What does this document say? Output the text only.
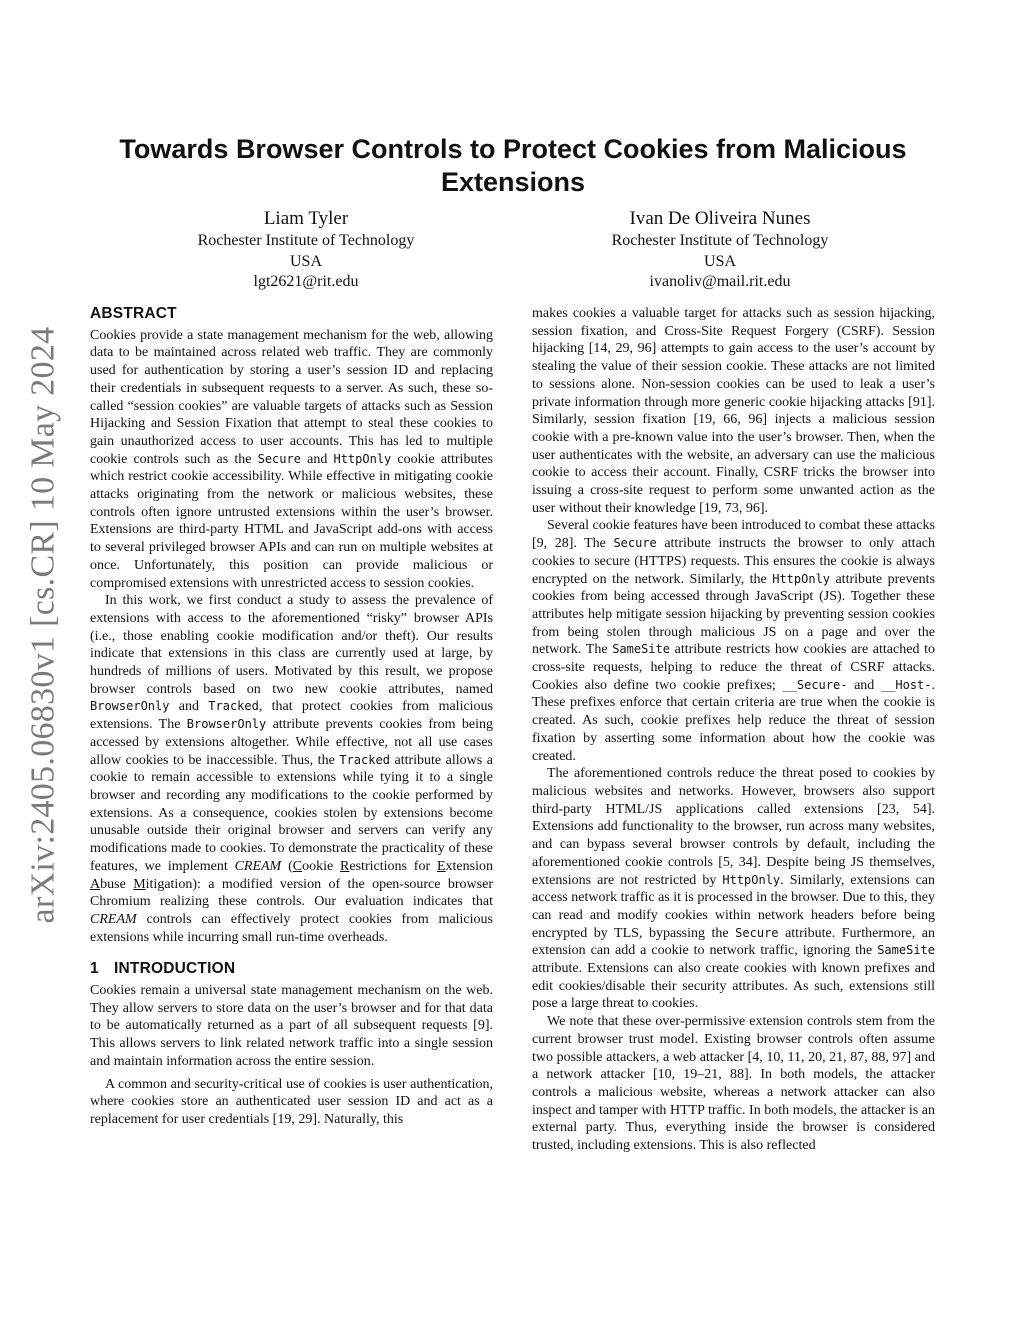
arXiv:2405.06830v1 [cs.CR] 10 May 2024
Towards Browser Controls to Protect Cookies from Malicious Extensions
Liam Tyler
Rochester Institute of Technology
USA
lgt2621@rit.edu
Ivan De Oliveira Nunes
Rochester Institute of Technology
USA
ivanoliv@mail.rit.edu
ABSTRACT

Cookies provide a state management mechanism for the web, allowing data to be maintained across related web traffic. They are commonly used for authentication by storing a user’s session ID and replacing their credentials in subsequent requests to a server. As such, these so-called “session cookies” are valuable targets of attacks such as Session Hijacking and Session Fixation that attempt to steal these cookies to gain unauthorized access to user accounts. This has led to multiple cookie controls such as the Secure and HttpOnly cookie attributes which restrict cookie accessibility. While effective in mitigating cookie attacks originating from the network or malicious websites, these controls often ignore untrusted extensions within the user’s browser. Extensions are third-party HTML and JavaScript add-ons with access to several privileged browser APIs and can run on multiple websites at once. Unfortunately, this position can provide malicious or compromised extensions with unrestricted access to session cookies.

In this work, we first conduct a study to assess the prevalence of extensions with access to the aforementioned “risky” browser APIs (i.e., those enabling cookie modification and/or theft). Our results indicate that extensions in this class are currently used at large, by hundreds of millions of users. Motivated by this result, we propose browser controls based on two new cookie attributes, named BrowserOnly and Tracked, that protect cookies from malicious extensions. The BrowserOnly attribute prevents cookies from being accessed by extensions altogether. While effective, not all use cases allow cookies to be inaccessible. Thus, the Tracked attribute allows a cookie to remain accessible to extensions while tying it to a single browser and recording any modifications to the cookie performed by extensions. As a consequence, cookies stolen by extensions become unusable outside their original browser and servers can verify any modifications made to cookies. To demonstrate the practicality of these features, we implement CREAM (Cookie Restrictions for Extension Abuse Mitigation): a modified version of the open-source browser Chromium realizing these controls. Our evaluation indicates that CREAM controls can effectively protect cookies from malicious extensions while incurring small run-time overheads.

1 INTRODUCTION

Cookies remain a universal state management mechanism on the web. They allow servers to store data on the user’s browser and for that data to be automatically returned as a part of all subsequent requests [9]. This allows servers to link related network traffic into a single session and maintain information across the entire session.

A common and security-critical use of cookies is user authentication, where cookies store an authenticated user session ID and act as a replacement for user credentials [19, 29]. Naturally, this

makes cookies a valuable target for attacks such as session hijacking, session fixation, and Cross-Site Request Forgery (CSRF). Session hijacking [14, 29, 96] attempts to gain access to the user’s account by stealing the value of their session cookie. These attacks are not limited to sessions alone. Non-session cookies can be used to leak a user’s private information through more generic cookie hijacking attacks [91]. Similarly, session fixation [19, 66, 96] injects a malicious session cookie with a pre-known value into the user’s browser. Then, when the user authenticates with the website, an adversary can use the malicious cookie to access their account. Finally, CSRF tricks the browser into issuing a cross-site request to perform some unwanted action as the user without their knowledge [19, 73, 96].

Several cookie features have been introduced to combat these attacks [9, 28]. The Secure attribute instructs the browser to only attach cookies to secure (HTTPS) requests. This ensures the cookie is always encrypted on the network. Similarly, the HttpOnly attribute prevents cookies from being accessed through JavaScript (JS). Together these attributes help mitigate session hijacking by preventing session cookies from being stolen through malicious JS on a page and over the network. The SameSite attribute restricts how cookies are attached to cross-site requests, helping to reduce the threat of CSRF attacks. Cookies also define two cookie prefixes; __Secure- and __Host-. These prefixes enforce that certain criteria are true when the cookie is created. As such, cookie prefixes help reduce the threat of session fixation by asserting some information about how the cookie was created.

The aforementioned controls reduce the threat posed to cookies by malicious websites and networks. However, browsers also support third-party HTML/JS applications called extensions [23, 54]. Extensions add functionality to the browser, run across many websites, and can bypass several browser controls by default, including the aforementioned cookie controls [5, 34]. Despite being JS themselves, extensions are not restricted by HttpOnly. Similarly, extensions can access network traffic as it is processed in the browser. Due to this, they can read and modify cookies within network headers before being encrypted by TLS, bypassing the Secure attribute. Furthermore, an extension can add a cookie to network traffic, ignoring the SameSite attribute. Extensions can also create cookies with known prefixes and edit cookies/disable their security attributes. As such, extensions still pose a large threat to cookies.

We note that these over-permissive extension controls stem from the current browser trust model. Existing browser controls often assume two possible attackers, a web attacker [4, 10, 11, 20, 21, 87, 88, 97] and a network attacker [10, 19–21, 88]. In both models, the attacker controls a malicious website, whereas a network attacker can also inspect and tamper with HTTP traffic. In both models, the attacker is an external party. Thus, everything inside the browser is considered trusted, including extensions. This is also reflected
